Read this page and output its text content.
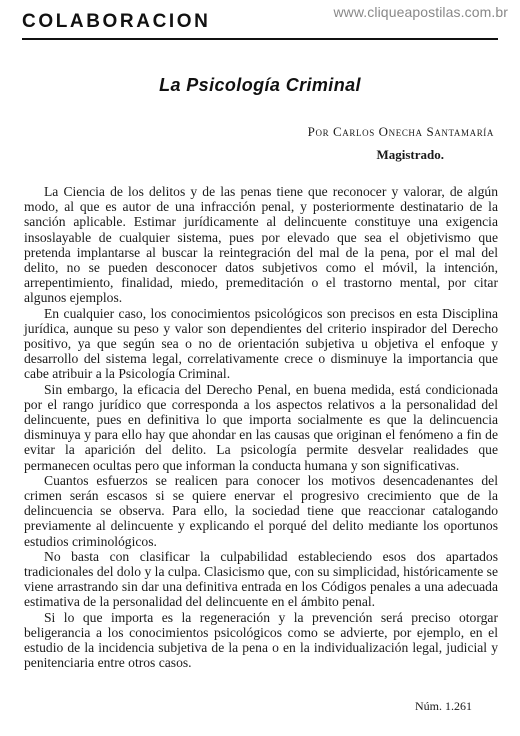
www.cliqueapostilas.com.br
COLABORACION
La Psicología Criminal
Por Carlos Onecha Santamaría
Magistrado.

La Ciencia de los delitos y de las penas tiene que reconocer y valorar, de algún modo, al que es autor de una infracción penal, y posteriormente destinatario de la sanción aplicable. Estimar jurídicamente al delincuente constituye una exigencia insoslayable de cualquier sistema, pues por elevado que sea el objetivismo que pretenda implantarse al buscar la reintegración del mal de la pena, por el mal del delito, no se pueden desconocer datos subjetivos como el móvil, la intención, arrepentimiento, finalidad, miedo, premeditación o el trastorno mental, por citar algunos ejemplos.

En cualquier caso, los conocimientos psicológicos son precisos en esta Disciplina jurídica, aunque su peso y valor son dependientes del criterio inspirador del Derecho positivo, ya que según sea o no de orientación subjetiva u objetiva el enfoque y desarrollo del sistema legal, correlativamente crece o disminuye la importancia que cabe atribuir a la Psicología Criminal.

Sin embargo, la eficacia del Derecho Penal, en buena medida, está condicionada por el rango jurídico que corresponda a los aspectos relativos a la personalidad del delincuente, pues en definitiva lo que importa socialmente es que la delincuencia disminuya y para ello hay que ahondar en las causas que originan el fenómeno a fin de evitar la aparición del delito. La psicología permite desvelar realidades que permanecen ocultas pero que informan la conducta humana y son significativas.

Cuantos esfuerzos se realicen para conocer los motivos desencadenantes del crimen serán escasos si se quiere enervar el progresivo crecimiento que de la delincuencia se observa. Para ello, la sociedad tiene que reaccionar catalogando previamente al delincuente y explicando el porqué del delito mediante los oportunos estudios criminológicos.

No basta con clasificar la culpabilidad estableciendo esos dos apartados tradicionales del dolo y la culpa. Clasicismo que, con su simplicidad, históricamente se viene arrastrando sin dar una definitiva entrada en los Códigos penales a una adecuada estimativa de la personalidad del delincuente en el ámbito penal.

Si lo que importa es la regeneración y la prevención será preciso otorgar beligerancia a los conocimientos psicológicos como se advierte, por ejemplo, en el estudio de la incidencia subjetiva de la pena o en la individualización legal, judicial y penitenciaria entre otros casos.

Núm. 1.261
